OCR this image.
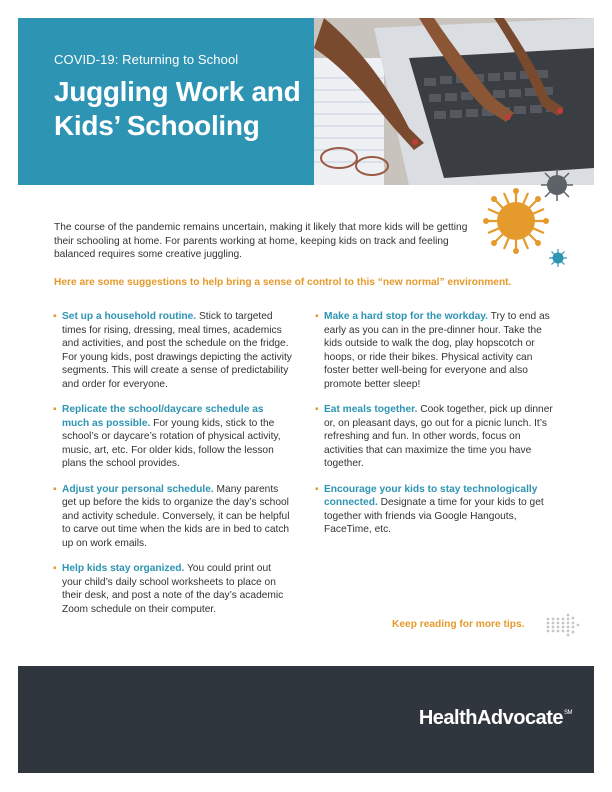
COVID-19: Returning to School

Juggling Work and
Kids’ Schooling

The course of the pandemic remains uncertain, making it likely that more kids will be getting their schooling at home. For parents working at home, keeping kids on track and feeling balanced requires some creative juggling.

Here are some suggestions to help bring a sense of control to this “new normal” environment.

▪ Set up a household routine. Stick to targeted times for rising, dressing, meal times, academics and activities, and post the schedule on the fridge. For young kids, post drawings depicting the activity segments. This will create a sense of predictability and order for everyone.

▪ Replicate the school/daycare schedule as much as possible. For young kids, stick to the school’s or daycare’s rotation of physical activity, music, art, etc. For older kids, follow the lesson plans the school provides.

▪ Adjust your personal schedule. Many parents get up before the kids to organize the day’s school and activity schedule. Conversely, it can be helpful to carve out time when the kids are in bed to catch up on work emails.

▪ Help kids stay organized. You could print out your child’s daily school worksheets to place on their desk, and post a note of the day’s academic Zoom schedule on their computer.

▪ Make a hard stop for the workday. Try to end as early as you can in the pre-dinner hour. Take the kids outside to walk the dog, play hopscotch or hoops, or ride their bikes. Physical activity can foster better well-being for everyone and also promote better sleep!

▪ Eat meals together. Cook together, pick up dinner or, on pleasant days, go out for a picnic lunch. It’s refreshing and fun. In other words, focus on activities that can maximize the time you have together.

▪ Encourage your kids to stay technologically connected. Designate a time for your kids to get together with friends via Google Hangouts, FaceTime, etc.

Keep reading for more tips.
HealthAdvocate℠
